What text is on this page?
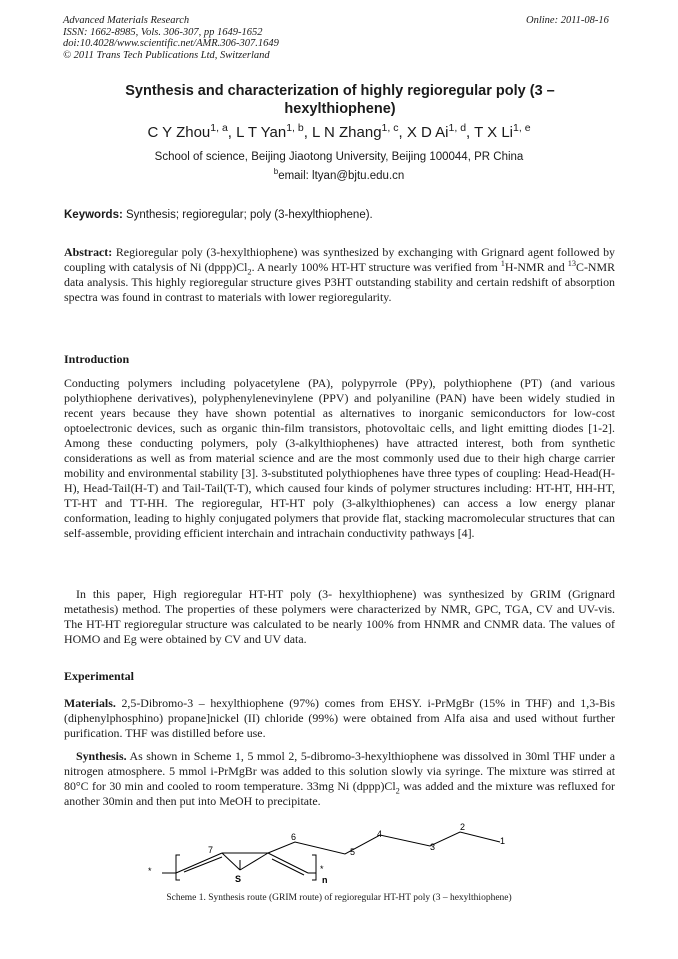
Advanced Materials Research
ISSN: 1662-8985, Vols. 306-307, pp 1649-1652
doi:10.4028/www.scientific.net/AMR.306-307.1649
© 2011 Trans Tech Publications Ltd, Switzerland
Online: 2011-08-16
Synthesis and characterization of highly regioregular poly (3 – hexylthiophene)
C Y Zhou$^{1, a}$, L T Yan$^{1, b}$, L N Zhang$^{1, c}$, X D Ai$^{1, d}$, T X Li$^{1, e}$
School of science, Beijing Jiaotong University, Beijing 100044, PR China
$^b$email: ltyan@bjtu.edu.cn
Keywords: Synthesis; regioregular; poly (3-hexylthiophene).

Abstract: Regioregular poly (3-hexylthiophene) was synthesized by exchanging with Grignard agent followed by coupling with catalysis of Ni $(dppp)Cl_2$. A nearly 100% HT-HT structure was verified from $^1$H-NMR and $^{13}$C-NMR data analysis. This highly regioregular structure gives P3HT outstanding stability and certain redshift of absorption spectra was found in contrast to materials with lower regioregularity.

Introduction

Conducting polymers including polyacetylene (PA), polypyrrole (PPy), polythiophene (PT) (and various polythiophene derivatives), polyphenylenevinylene (PPV) and polyaniline (PAN) have been widely studied in recent years because they have shown potential as alternatives to inorganic semiconductors for low-cost optoelectronic devices, such as organic thin-film transistors, photovoltaic cells, and light emitting diodes [1-2]. Among these conducting polymers, poly (3-alkylthiophenes) have attracted interest, both from synthetic considerations as well as from material science and are the most commonly used due to their high charge carrier mobility and environmental stability [3]. 3-substituted polythiophenes have three types of coupling: Head-Head(H-H), Head-Tail(H-T) and Tail-Tail(T-T), which caused four kinds of polymer structures including: HT-HT, HH-HT, TT-HT and TT-HH. The regioregular, HT-HT poly (3-alkylthiophenes) can access a low energy planar conformation, leading to highly conjugated polymers that provide flat, stacking macromolecular structures that can self-assemble, providing efficient interchain and intrachain conductivity pathways [4].

In this paper, High regioregular HT-HT poly (3- hexylthiophene) was synthesized by GRIM (Grignard metathesis) method. The properties of these polymers were characterized by NMR, GPC, TGA, CV and UV-vis. The HT-HT regioregular structure was calculated to be nearly 100% from HNMR and CNMR data. The values of HOMO and Eg were obtained by CV and UV data.

Experimental

Materials. 2,5-Dibromo-3 – hexylthiophene (97%) comes from EHSY. i-PrMgBr (15% in THF) and 1,3-Bis (diphenylphosphino) propane]nickel (II) chloride (99%) were obtained from Alfa aisa and used without further purification. THF was distilled before use.

Synthesis. As shown in Scheme 1, 5 mmol 2, 5-dibromo-3-hexylthiophene was dissolved in 30ml THF under a nitrogen atmosphere. 5 mmol i-PrMgBr was added to this solution slowly via syringe. The mixture was stirred at 80°C for 30 min and cooled to room temperature. 33mg Ni $(dppp)Cl_2$ was added and the mixture was refluxed for another 30min and then put into MeOH to precipitate.

*	*
S	n
1
2
3
4
5
6
7
Scheme 1. Synthesis route (GRIM route) of regioregular HT-HT poly (3 – hexylthiophene)
